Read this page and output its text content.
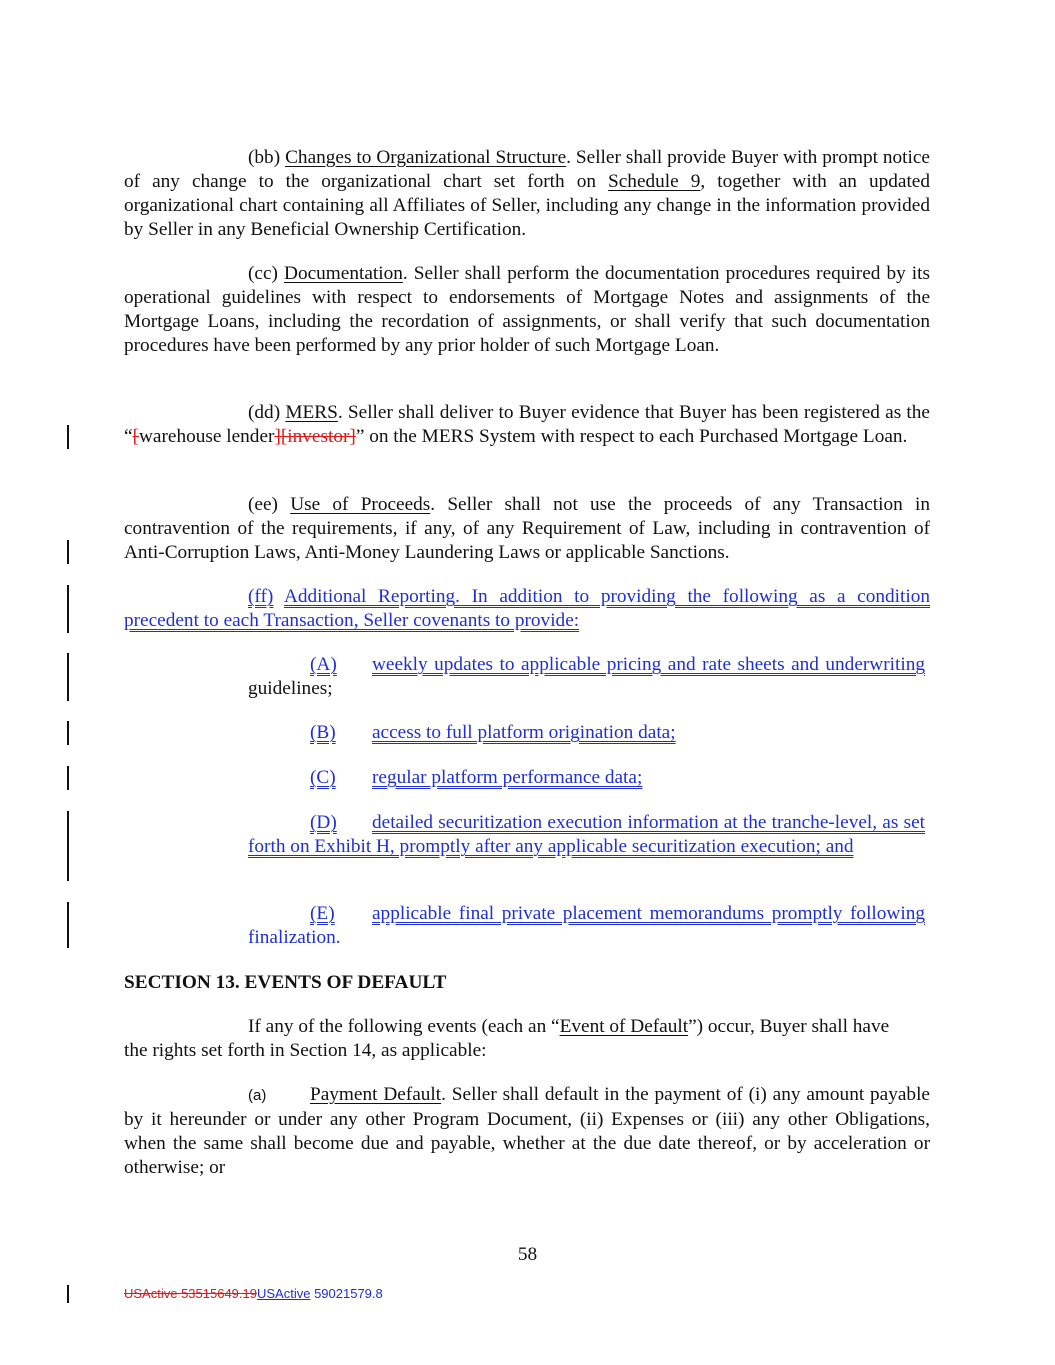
(bb) Changes to Organizational Structure. Seller shall provide Buyer with prompt notice of any change to the organizational chart set forth on Schedule 9, together with an updated organizational chart containing all Affiliates of Seller, including any change in the information provided by Seller in any Beneficial Ownership Certification.
(cc) Documentation. Seller shall perform the documentation procedures required by its operational guidelines with respect to endorsements of Mortgage Notes and assignments of the Mortgage Loans, including the recordation of assignments, or shall verify that such documentation procedures have been performed by any prior holder of such Mortgage Loan.
(dd) MERS. Seller shall deliver to Buyer evidence that Buyer has been registered as the “[warehouse lender][investor]” on the MERS System with respect to each Purchased Mortgage Loan.
(ee) Use of Proceeds. Seller shall not use the proceeds of any Transaction in contravention of the requirements, if any, of any Requirement of Law, including in contravention of Anti-Corruption Laws, Anti-Money Laundering Laws or applicable Sanctions.
(ff) Additional Reporting. In addition to providing the following as a condition precedent to each Transaction, Seller covenants to provide:
(A) weekly updates to applicable pricing and rate sheets and underwriting guidelines;
(B) access to full platform origination data;
(C) regular platform performance data;
(D) detailed securitization execution information at the tranche-level, as set forth on Exhibit H, promptly after any applicable securitization execution; and
(E) applicable final private placement memorandums promptly following finalization.
SECTION 13. EVENTS OF DEFAULT
If any of the following events (each an “Event of Default”) occur, Buyer shall have the rights set forth in Section 14, as applicable:
(a) Payment Default. Seller shall default in the payment of (i) any amount payable by it hereunder or under any other Program Document, (ii) Expenses or (iii) any other Obligations, when the same shall become due and payable, whether at the due date thereof, or by acceleration or otherwise; or
58
USActive 53515649.19USActive 59021579.8
